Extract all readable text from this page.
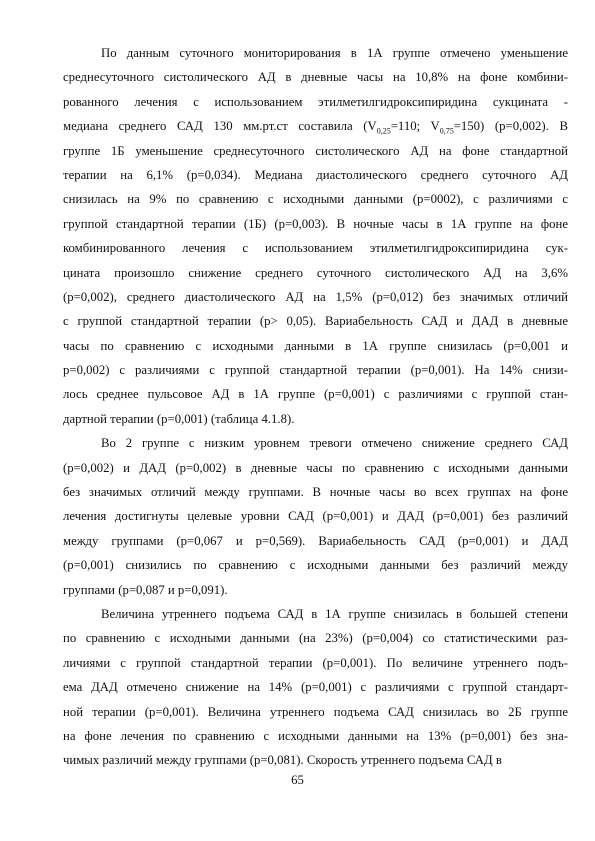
По данным суточного мониторирования в 1А группе отмечено уменьшение
среднесуточного систолического АД в дневные часы на 10,8% на фоне комбини-
рованного лечения с использованием этилметилгидроксипиридина сукцината -
медиана среднего САД 130 мм.рт.ст составила ($V_{0,25}=110$; $V_{0,75}=150$) (р=0,002). В
группе 1Б уменьшение среднесуточного систолического АД на фоне стандартной
терапии на 6,1% (р=0,034). Медиана диастолического среднего суточного АД
снизилась на 9% по сравнению с исходными данными (р=0002), с различиями с
группой стандартной терапии (1Б) (р=0,003). В ночные часы в 1А группе на фоне
комбинированного лечения с использованием этилметилгидроксипиридина сук-
цината произошло снижение среднего суточного систолического АД на 3,6%
(р=0,002), среднего диастолического АД на 1,5% (р=0,012) без значимых отличий
с группой стандартной терапии (р> 0,05). Вариабельность САД и ДАД в дневные
часы по сравнению с исходными данными в 1А группе снизилась (р=0,001 и
р=0,002) с различиями с группой стандартной терапии (р=0,001). На 14% снизи-
лось среднее пульсовое АД в 1А группе (р=0,001) с различиями с группой стан-
дартной терапии (р=0,001) (таблица 4.1.8).
Во 2 группе с низким уровнем тревоги отмечено снижение среднего САД
(р=0,002) и ДАД (р=0,002) в дневные часы по сравнению с исходными данными
без значимых отличий между группами. В ночные часы во всех группах на фоне
лечения достигнуты целевые уровни САД (р=0,001) и ДАД (р=0,001) без различий
между группами (р=0,067 и р=0,569). Вариабельность САД (р=0,001) и ДАД
(р=0,001) снизились по сравнению с исходными данными без различий между
группами (р=0,087 и р=0,091).
Величина утреннего подъема САД в 1А группе снизилась в большей степени
по сравнению с исходными данными (на 23%) (р=0,004) со статистическими раз-
личиями с группой стандартной терапии (р=0,001). По величине утреннего подъ-
ема ДАД отмечено снижение на 14% (р=0,001) с различиями с группой стандарт-
ной терапии (р=0,001). Величина утреннего подъема САД снизилась во 2Б группе
на фоне лечения по сравнению с исходными данными на 13% (р=0,001) без зна-
чимых различий между группами (р=0,081). Скорость утреннего подъема САД в
65
